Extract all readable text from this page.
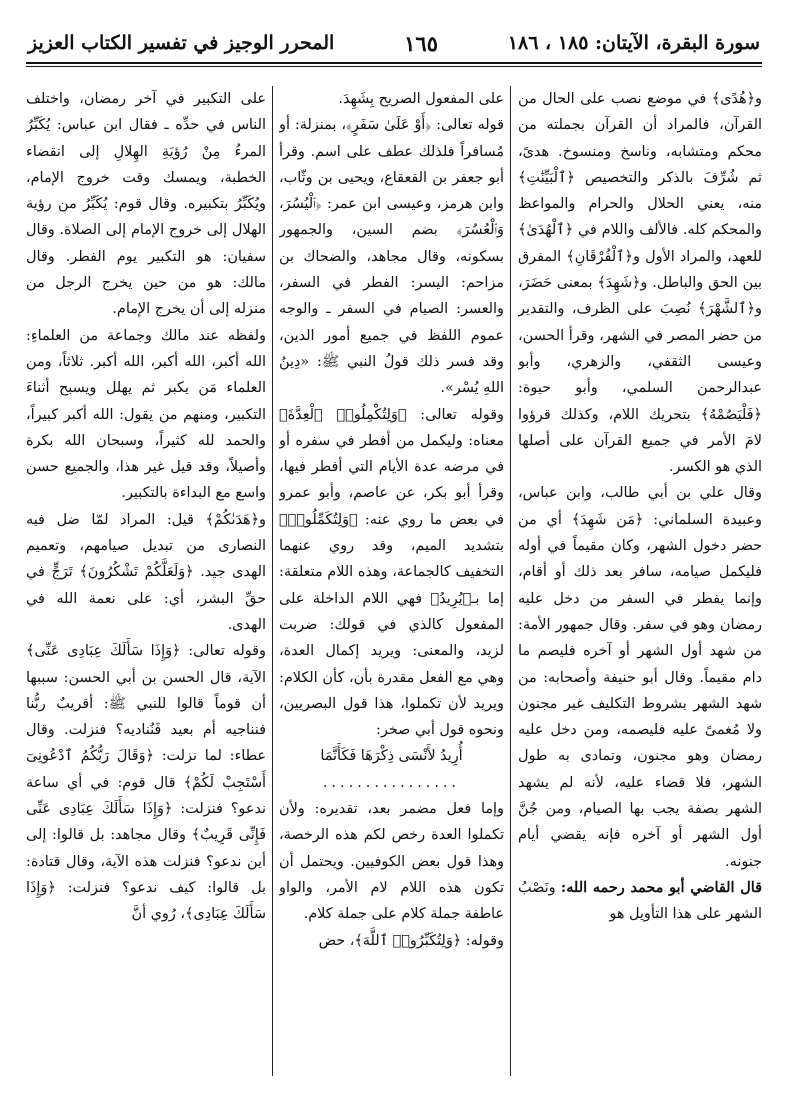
سورة البقرة، الآيتان: ١٨٥ ، ١٨٦
١٦٥
المحرر الوجيز في تفسير الكتاب العزيز

و﴿هُدًى﴾ في موضع نصب على الحال من القرآن، فالمراد أن القرآن بجملته من محكم ومتشابه، وناسخ ومنسوخ. هدىً، ثم شُرِّفَ بالذكر والتخصيص ﴿ٱلْبَيِّنَٰتِ﴾ منه، يعني الحلال والحرام والمواعظ والمحكم كله. فالألف واللام في ﴿ٱلْهُدَىٰ﴾ للعهد، والمراد الأول و﴿ٱلْفُرْقَانِ﴾ المفرق بين الحق والباطل. و﴿شَهِدَ﴾ بمعنى حَضَرَ، و﴿ٱلشَّهْرَ﴾ نُصِبَ على الظرف، والتقدير من حضر المصر في الشهر، وقرأ الحسن، وعيسى الثقفي، والزهري، وأبو عبدالرحمن السلمي، وأبو حيوة: ﴿فَلْيَصُمْهُ﴾ بتحريك اللام، وكذلك قرؤوا لامَ الأمر في جميع القرآن على أصلها الذي هو الكسر.

وقال علي بن أبي طالب، وابن عباس، وعبيدة السلماني: ﴿مَن شَهِدَ﴾ أي من حضر دخول الشهر، وكان مقيماً في أوله فليكمل صيامه، سافر بعد ذلك أو أقام، وإنما يفطر في السفر من دخل عليه رمضان وهو في سفر. وقال جمهور الأمة: من شهد أول الشهر أو آخره فليصم ما دام مقيماً. وقال أبو حنيفة وأصحابه: من شهد الشهر بشروط التكليف غير مجنون ولا مُغمىً عليه فليصمه، ومن دخل عليه رمضان وهو مجنون، وتمادى به طول الشهر، فلا قضاء عليه، لأنه لم يشهد الشهر بصفة يجب بها الصيام، ومن جُنَّ أول الشهر أو آخره فإنه يقضي أيام جنونه.

قال القاضي أبو محمد رحمه الله: ونَصْبُ الشهر على هذا التأويل هو

على المفعول الصريح بِشَهِدَ.

قوله تعالى: ﴿أَوْ عَلَىٰ سَفَرٍ﴾، بمنزلة: أو مُسافراً فلذلك عطف على اسم. وقرأ أبو جعفر بن القعقاع، ويحيى بن وثّاب، وابن هرمز، وعيسى ابن عمر: ﴿ٱلْيُسُرَ، وَٱلْعُسُرَ﴾ بضم السين، والجمهور بسكونه، وقال مجاهد، والضحاك بن مزاحم: اليسر: الفطر في السفر، والعسر: الصيام في السفر ـ والوجه عموم اللفظ في جميع أمور الدين، وقد فسر ذلك قولُ النبي ﷺ: «دِينُ اللهِ يُسْر».

وقوله تعالى: ﴿وَلِتُكْمِلُوا۟ ٱلْعِدَّةَ﴾ معناه: وليكمل من أفطر في سفره أو في مرضه عدة الأيام التي أفطر فيها، وقرأ أبو بكر، عن عاصم، وأبو عمرو في بعض ما روي عنه: ﴿وَلِتُكَمِّلُوا۟﴾ بتشديد الميم، وقد روي عنهما التخفيف كالجماعة، وهذه اللام متعلقة: إما بـ﴿يُرِيدُ﴾ فهي اللام الداخلة على المفعول كالذي في قولك: ضربت لزيد، والمعنى: ويريد إكمال العدة، وهي مع الفعل مقدرة بأن، كأن الكلام: ويريد لأن تكملوا، هذا قول البصريين، ونحوه قول أبي صخر:

أُرِيدُ لأَنْسَى ذِكْرَهَا فَكَأَنَّمَا

................

وإما فعل مضمر بعد، تقديره: ولأن تكملوا العدة رخص لكم هذه الرخصة، وهذا قول بعض الكوفيين. ويحتمل أن تكون هذه اللام لام الأمر، والواو عاطفة جملة كلام على جملة كلام.

وقوله: ﴿وَلِتُكَبِّرُوا۟ ٱللَّهَ﴾، حض

على التكبير في آخر رمضان، واختلف الناس في حدِّه ـ فقال ابن عباس: يُكَبِّرُ المرءُ مِنْ رُؤيَةِ الهِلالِ إلى انقضاء الخطبة، ويمسك وقت خروج الإمام، ويُكَبِّرُ بتكبيره. وقال قوم: يُكَبِّرُ من رؤية الهلال إلى خروج الإمام إلى الصلاة. وقال سفيان: هو التكبير يوم الفطر. وقال مالك: هو من حين يخرج الرجل من منزله إلى أن يخرج الإمام.

ولفظه عند مالك وجماعة من العلماءِ: الله أكبر، الله أكبر، الله أكبر. ثلاثاً، ومن العلماء مَن يكبر ثم يهلل ويسبح أثناءَ التكبير، ومنهم من يقول: الله أكبر كبيراً، والحمد لله كثيراً، وسبحان الله بكرة وأصيلاً، وقد قيل غير هذا، والجميع حسن واسع مع البداءة بالتكبير.

و﴿هَدَىٰكُمْ﴾ قيل: المراد لمّا ضل فيه النصارى من تبديل صيامهم، وتعميم الهدى جيد. ﴿وَلَعَلَّكُمْ تَشْكُرُونَ﴾ تَرَجٍّ في حقِّ البشر، أي: على نعمة الله في الهدى.

وقوله تعالى: ﴿وَإِذَا سَأَلَكَ عِبَادِى عَنِّى﴾ الآية، قال الحسن بن أبي الحسن: سببها أن قوماً قالوا للنبي ﷺ: أقريبٌ ربُّنا فنناجيه أم بعيد فَنُناديه؟ فنزلت. وقال عطاء: لما نزلت: ﴿وَقَالَ رَبُّكُمُ ٱدْعُونِىٓ أَسْتَجِبْ لَكُمْ﴾ قال قوم: في أي ساعة ندعو؟ فنزلت: ﴿وَإِذَا سَأَلَكَ عِبَادِى عَنِّى فَإِنِّى قَرِيبٌ﴾ وقال مجاهد: بل قالوا: إلى أين ندعو؟ فنزلت هذه الآية، وقال قتادة: بل قالوا: كيف ندعو؟ فنزلت: ﴿وَإِذَا سَأَلَكَ عِبَادِى﴾، رُوي أنَّ
